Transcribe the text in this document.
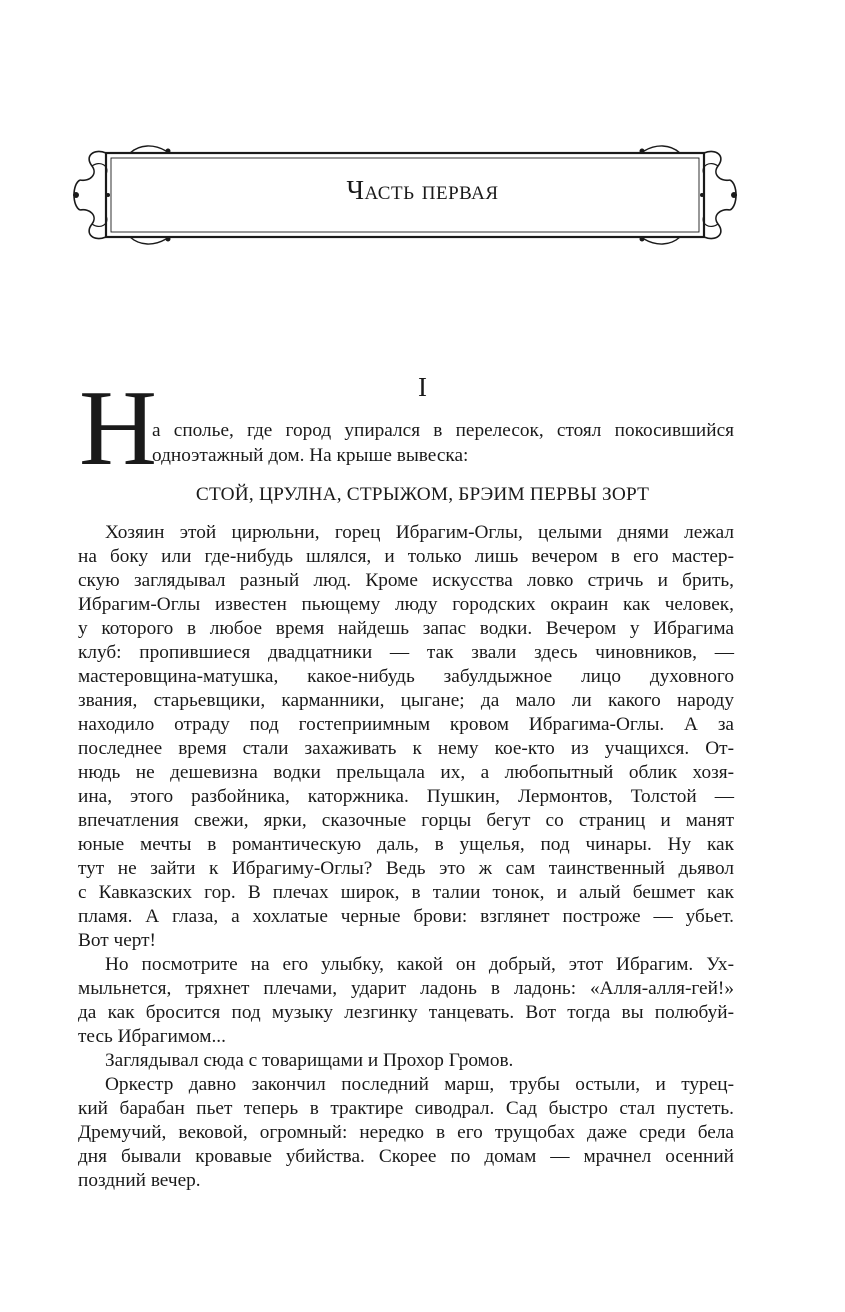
Часть первая
I
Н
а сполье, где город упирался в перелесок, стоял покосившийся
одноэтажный дом. На крыше вывеска:
СТОЙ, ЦРУЛНА, СТРЫЖОМ, БРЭИМ ПЕРВЫ ЗОРТ

Хозяин этой цирюльни, горец Ибрагим-Оглы, целыми днями лежал
на боку или где-нибудь шлялся, и только лишь вечером в его мастер-
скую заглядывал разный люд. Кроме искусства ловко стричь и брить,
Ибрагим-Оглы известен пьющему люду городских окраин как человек,
у которого в любое время найдешь запас водки. Вечером у Ибрагима
клуб: пропившиеся двадцатники — так звали здесь чиновников, —
мастеровщина-матушка, какое-нибудь забулдыжное лицо духовного
звания, старьевщики, карманники, цыгане; да мало ли какого народу
находило отраду под гостеприимным кровом Ибрагима-Оглы. А за
последнее время стали захаживать к нему кое-кто из учащихся. От-
нюдь не дешевизна водки прельщала их, а любопытный облик хозя-
ина, этого разбойника, каторжника. Пушкин, Лермонтов, Толстой —
впечатления свежи, ярки, сказочные горцы бегут со страниц и манят
юные мечты в романтическую даль, в ущелья, под чинары. Ну как
тут не зайти к Ибрагиму-Оглы? Ведь это ж сам таинственный дьявол
с Кавказских гор. В плечах широк, в талии тонок, и алый бешмет как
пламя. А глаза, а хохлатые черные брови: взглянет построже — убьет.
Вот черт!

Но посмотрите на его улыбку, какой он добрый, этот Ибрагим. Ух-
мыльнется, тряхнет плечами, ударит ладонь в ладонь: «Алля-алля-гей!»
да как бросится под музыку лезгинку танцевать. Вот тогда вы полюбуй-
тесь Ибрагимом...

Заглядывал сюда с товарищами и Прохор Громов.

Оркестр давно закончил последний марш, трубы остыли, и турец-
кий барабан пьет теперь в трактире сиводрал. Сад быстро стал пустеть.
Дремучий, вековой, огромный: нередко в его трущобах даже среди бела
дня бывали кровавые убийства. Скорее по домам — мрачнел осенний
поздний вечер.
